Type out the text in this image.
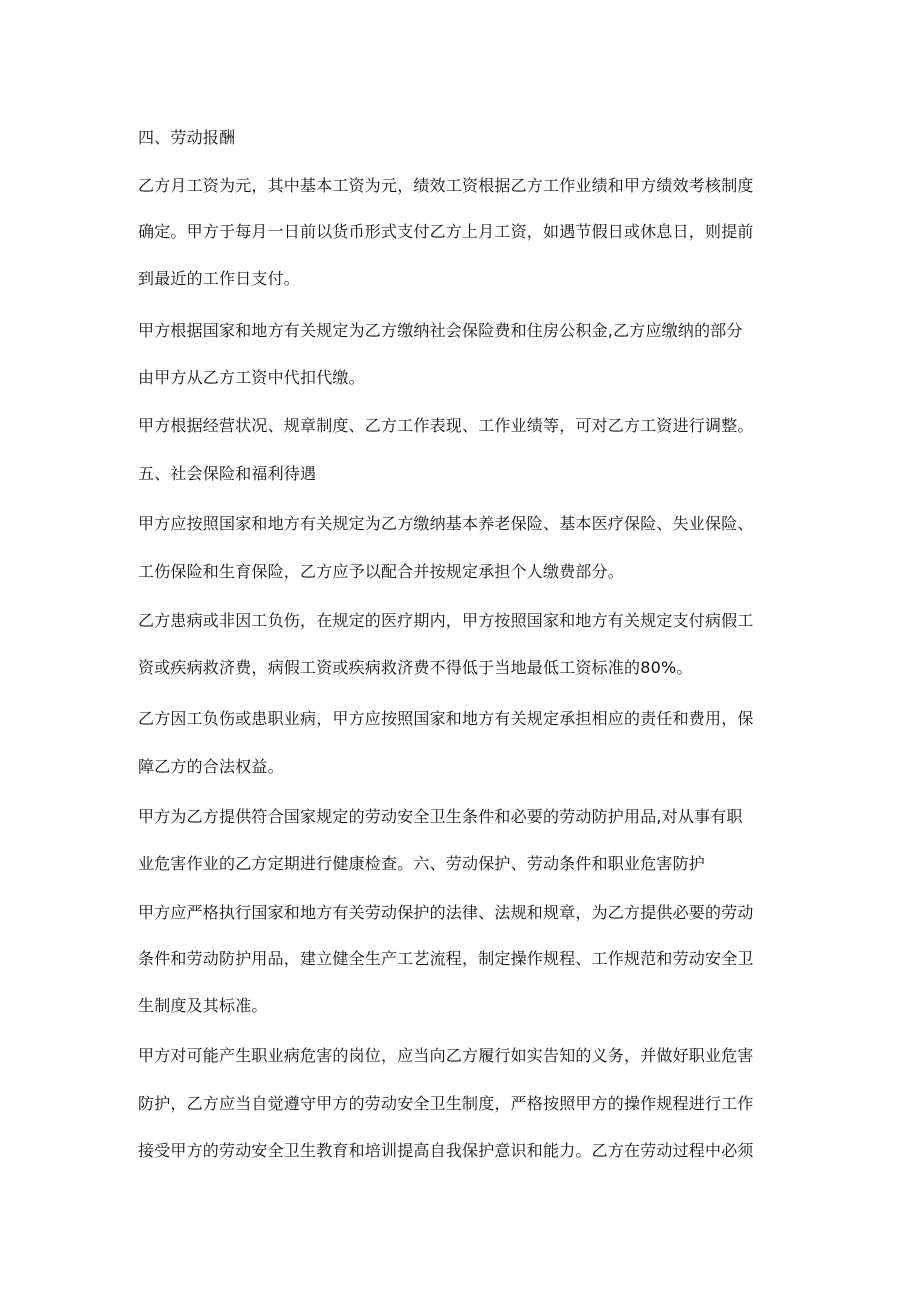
四、劳动报酬

乙方月工资为元，其中基本工资为元，绩效工资根据乙方工作业绩和甲方绩效考核制度

确定。甲方于每月一日前以货币形式支付乙方上月工资，如遇节假日或休息日，则提前

到最近的工作日支付。

甲方根据国家和地方有关规定为乙方缴纳社会保险费和住房公积金,乙方应缴纳的部分

由甲方从乙方工资中代扣代缴。

甲方根据经营状况、规章制度、乙方工作表现、工作业绩等，可对乙方工资进行调整。

五、社会保险和福利待遇

甲方应按照国家和地方有关规定为乙方缴纳基本养老保险、基本医疗保险、失业保险、

工伤保险和生育保险，乙方应予以配合并按规定承担个人缴费部分。

乙方患病或非因工负伤，在规定的医疗期内，甲方按照国家和地方有关规定支付病假工

资或疾病救济费，病假工资或疾病救济费不得低于当地最低工资标准的80%。

乙方因工负伤或患职业病，甲方应按照国家和地方有关规定承担相应的责任和费用，保

障乙方的合法权益。

甲方为乙方提供符合国家规定的劳动安全卫生条件和必要的劳动防护用品,对从事有职

业危害作业的乙方定期进行健康检查。六、劳动保护、劳动条件和职业危害防护

甲方应严格执行国家和地方有关劳动保护的法律、法规和规章，为乙方提供必要的劳动

条件和劳动防护用品，建立健全生产工艺流程，制定操作规程、工作规范和劳动安全卫

生制度及其标准。

甲方对可能产生职业病危害的岗位，应当向乙方履行如实告知的义务，并做好职业危害

防护，乙方应当自觉遵守甲方的劳动安全卫生制度，严格按照甲方的操作规程进行工作

接受甲方的劳动安全卫生教育和培训提高自我保护意识和能力。乙方在劳动过程中必须
